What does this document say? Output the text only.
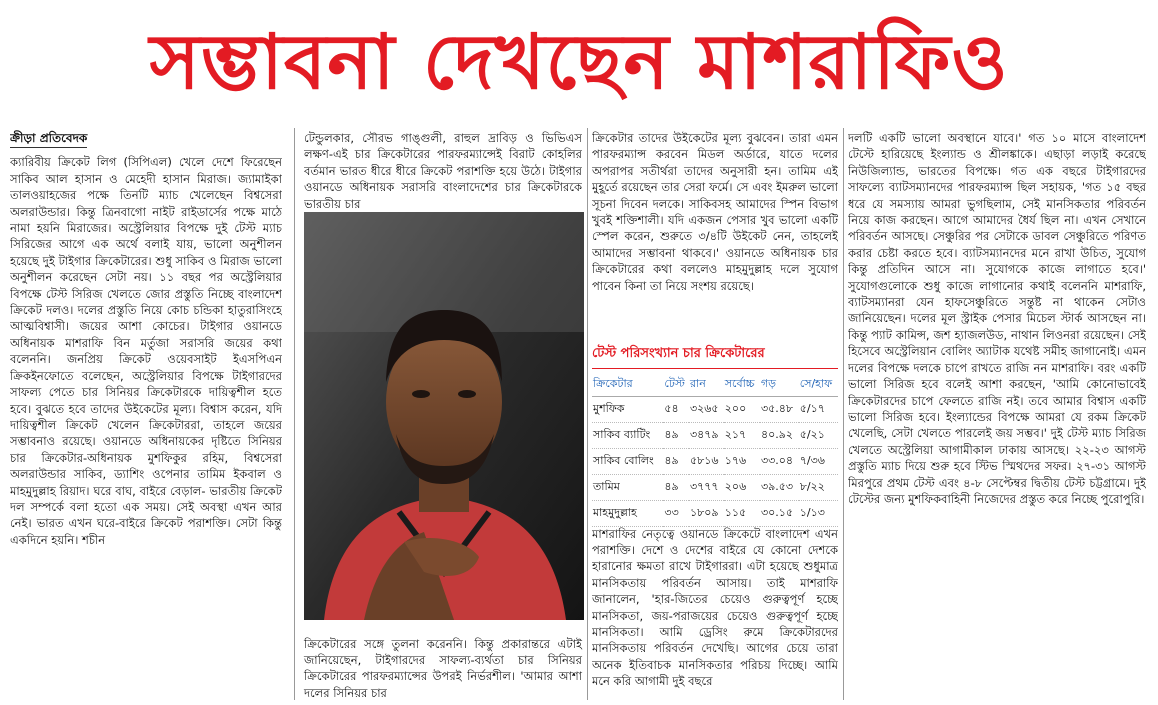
সম্ভাবনা দেখছেন মাশরাফিও
ক্রীড়া প্রতিবেদক

ক্যারিবীয় ক্রিকেট লিগ (সিপিএল) খেলে দেশে ফিরেছেন সাকিব আল হাসান ও মেহেদী হাসান মিরাজ। জ্যামাইকা তালওয়াহজের পক্ষে তিনটি ম্যাচ খেলেছেন বিশ্বসেরা অলরাউন্ডার। কিন্তু ত্রিনবাগো নাইট রাইডার্সের পক্ষে মাঠে নামা হয়নি মিরাজের। অস্ট্রেলিয়ার বিপক্ষে দুই টেস্ট ম্যাচ সিরিজের আগে এক অর্থে বলাই যায়, ভালো অনুশীলন হয়েছে দুই টাইগার ক্রিকেটারের। শুধু সাকিব ও মিরাজ ভালো অনুশীলন করেছেন সেটা নয়। ১১ বছর পর অস্ট্রেলিয়ার বিপক্ষে টেস্ট সিরিজ খেলতে জোর প্রস্তুতি নিচ্ছে বাংলাদেশ ক্রিকেট দলও। দলের প্রস্তুতি নিয়ে কোচ চন্ডিকা হাতুরাসিংহে আত্মবিশ্বাসী। জয়ের আশা কোচের। টাইগার ওয়ানডে অধিনায়ক মাশরাফি বিন মর্তুজা সরাসরি জয়ের কথা বলেননি। জনপ্রিয় ক্রিকেট ওয়েবসাইট ইএসপিএন ক্রিকইনফোতে বলেছেন, অস্ট্রেলিয়ার বিপক্ষে টাইগারদের সাফল্য পেতে চার সিনিয়র ক্রিকেটারকে দায়িত্বশীল হতে হবে। বুঝতে হবে তাদের উইকেটের মূল্য। বিশ্বাস করেন, যদি দায়িত্বশীল ক্রিকেট খেলেন ক্রিকেটাররা, তাহলে জয়ের সম্ভাবনাও রয়েছে। ওয়ানডে অধিনায়কের দৃষ্টিতে সিনিয়র চার ক্রিকেটার-অধিনায়ক মুশফিকুর রহিম, বিশ্বসেরা অলরাউন্ডার সাকিব, ড্যাশিং ওপেনার তামিম ইকবাল ও মাহমুদুল্লাহ রিয়াদ। ঘরে বাঘ, বাইরে বেড়াল- ভারতীয় ক্রিকেট দল সম্পর্কে বলা হতো এক সময়। সেই অবস্থা এখন আর নেই। ভারত এখন ঘরে-বাইরে ক্রিকেট পরাশক্তি। সেটা কিন্তু একদিনে হয়নি। শচীন

টেন্ডুলকার, সৌরভ গাঙ্গুলী, রাহুল দ্রাবিড় ও ভিভিএস লক্ষণ-এই চার ক্রিকেটারের পারফরম্যান্সেই বিরাট কোহলির বর্তমান ভারত ধীরে ধীরে ক্রিকেট পরাশক্তি হয়ে উঠে। টাইগার ওয়ানডে অধিনায়ক সরাসরি বাংলাদেশের চার ক্রিকেটারকে ভারতীয় চার

ক্রিকেটারের সঙ্গে তুলনা করেননি। কিন্তু প্রকারান্তরে এটাই জানিয়েছেন, টাইগারদের সাফল্য-ব্যর্থতা চার সিনিয়র ক্রিকেটারের পারফরম্যান্সের উপরই নির্ভরশীল। 'আমার আশা দলের সিনিয়র চার

ক্রিকেটার তাদের উইকেটের মূল্য বুঝবেন। তারা এমন পারফরম্যান্স করবেন মিডল অর্ডারে, যাতে দলের অপরাপর সতীর্থরা তাদের অনুসারী হন। তামিম এই মুহূর্তে রয়েছেন তার সেরা ফর্মে। সে এবং ইমরুল ভালো সূচনা দিবেন দলকে। সাকিবসহ আমাদের স্পিন বিভাগ খুবই শক্তিশালী। যদি একজন পেসার খুব ভালো একটি স্পেল করেন, শুরুতে ৩/৪টি উইকেট নেন, তাহলেই আমাদের সম্ভাবনা থাকবে।' ওয়ানডে অধিনায়ক চার ক্রিকেটারের কথা বললেও মাহমুদুল্লাহ দলে সুযোগ পাবেন কিনা তা নিয়ে সংশয় রয়েছে।

টেস্ট পরিসংখ্যান চার ক্রিকেটারের
ক্রিকেটার	টেস্ট	রান	সর্বোচ্চ	গড়	সে/হাফ
মুশফিক	৫৪	৩২৬৫	২০০	৩৫.৪৮	৫/১৭
সাকিব ব্যাটিং	৪৯	৩৪৭৯	২১৭	৪০.৯২	৫/২১
সাকিব বোলিং	৪৯	৫৮১৬	১৭৬	৩৩.০৪	৭/৩৬
তামিম	৪৯	৩৭৭৭	২০৬	৩৯.৫৩	৮/২২
মাহমুদুল্লাহ	৩৩	১৮০৯	১১৫	৩০.১৫	১/১৩

মাশরাফির নেতৃত্বে ওয়ানডে ক্রিকেটে বাংলাদেশ এখন পরাশক্তি। দেশে ও দেশের বাইরে যে কোনো দেশকে হারানোর ক্ষমতা রাখে টাইগাররা। এটা হয়েছে শুধুমাত্র মানসিকতায় পরিবর্তন আসায়। তাই মাশরাফি জানালেন, 'হার-জিতের চেয়েও গুরুত্বপূর্ণ হচ্ছে মানসিকতা, জয়-পরাজয়ের চেয়েও গুরুত্বপূর্ণ হচ্ছে মানসিকতা। আমি ড্রেসিং রুমে ক্রিকেটারদের মানসিকতায় পরিবর্তন দেখেছি। আগের চেয়ে তারা অনেক ইতিবাচক মানসিকতার পরিচয় দিচ্ছে। আমি মনে করি আগামী দুই বছরে

দলটি একটি ভালো অবস্থানে যাবে।' গত ১০ মাসে বাংলাদেশ টেস্টে হারিয়েছে ইংল্যান্ড ও শ্রীলঙ্কাকে। এছাড়া লড়াই করেছে নিউজিল্যান্ড, ভারতের বিপক্ষে। গত এক বছরে টাইগারদের সাফল্যে ব্যাটসম্যানদের পারফরম্যান্স ছিল সহায়ক, 'গত ১৫ বছর ধরে যে সমস্যায় আমরা ভুগছিলাম, সেই মানসিকতার পরিবর্তন নিয়ে কাজ করছেন। আগে আমাদের ধৈর্য ছিল না। এখন সেখানে পরিবর্তন আসছে। সেঞ্চুরির পর সেটাকে ডাবল সেঞ্চুরিতে পরিণত করার চেষ্টা করতে হবে। ব্যাটসম্যানদের মনে রাখা উচিত, সুযোগ কিন্তু প্রতিদিন আসে না। সুযোগকে কাজে লাগাতে হবে।' সুযোগগুলোকে শুধু কাজে লাগানোর কথাই বলেননি মাশরাফি, ব্যাটসম্যানরা যেন হাফসেঞ্চুরিতে সন্তুষ্ট না থাকেন সেটাও জানিয়েছেন। দলের মূল স্ট্রাইক পেসার মিচেল স্টার্ক আসছেন না। কিন্তু প্যাট কামিন্স, জশ হ্যাজলউড, নাথান লিওনরা রয়েছেন। সেই হিসেবে অস্ট্রেলিয়ান বোলিং অ্যাটাক যথেষ্ট সমীহ জাগানোই। এমন দলের বিপক্ষে দলকে চাপে রাখতে রাজি নন মাশরাফি। বরং একটি ভালো সিরিজ হবে বলেই আশা করছেন, 'আমি কোনোভাবেই ক্রিকেটারদের চাপে ফেলতে রাজি নই। তবে আমার বিশ্বাস একটি ভালো সিরিজ হবে। ইংল্যান্ডের বিপক্ষে আমরা যে রকম ক্রিকেট খেলেছি, সেটা খেলতে পারলেই জয় সম্ভব।' দুই টেস্ট ম্যাচ সিরিজ খেলতে অস্ট্রেলিয়া আগামীকাল ঢাকায় আসছে। ২২-২৩ আগস্ট প্রস্তুতি ম্যাচ দিয়ে শুরু হবে স্টিভ স্মিথদের সফর। ২৭-৩১ আগস্ট মিরপুরে প্রথম টেস্ট এবং ৪-৮ সেপ্টেম্বর দ্বিতীয় টেস্ট চট্টগ্রামে। দুই টেস্টের জন্য মুশফিকবাহিনী নিজেদের প্রস্তুত করে নিচ্ছে পুরোপুরি।
